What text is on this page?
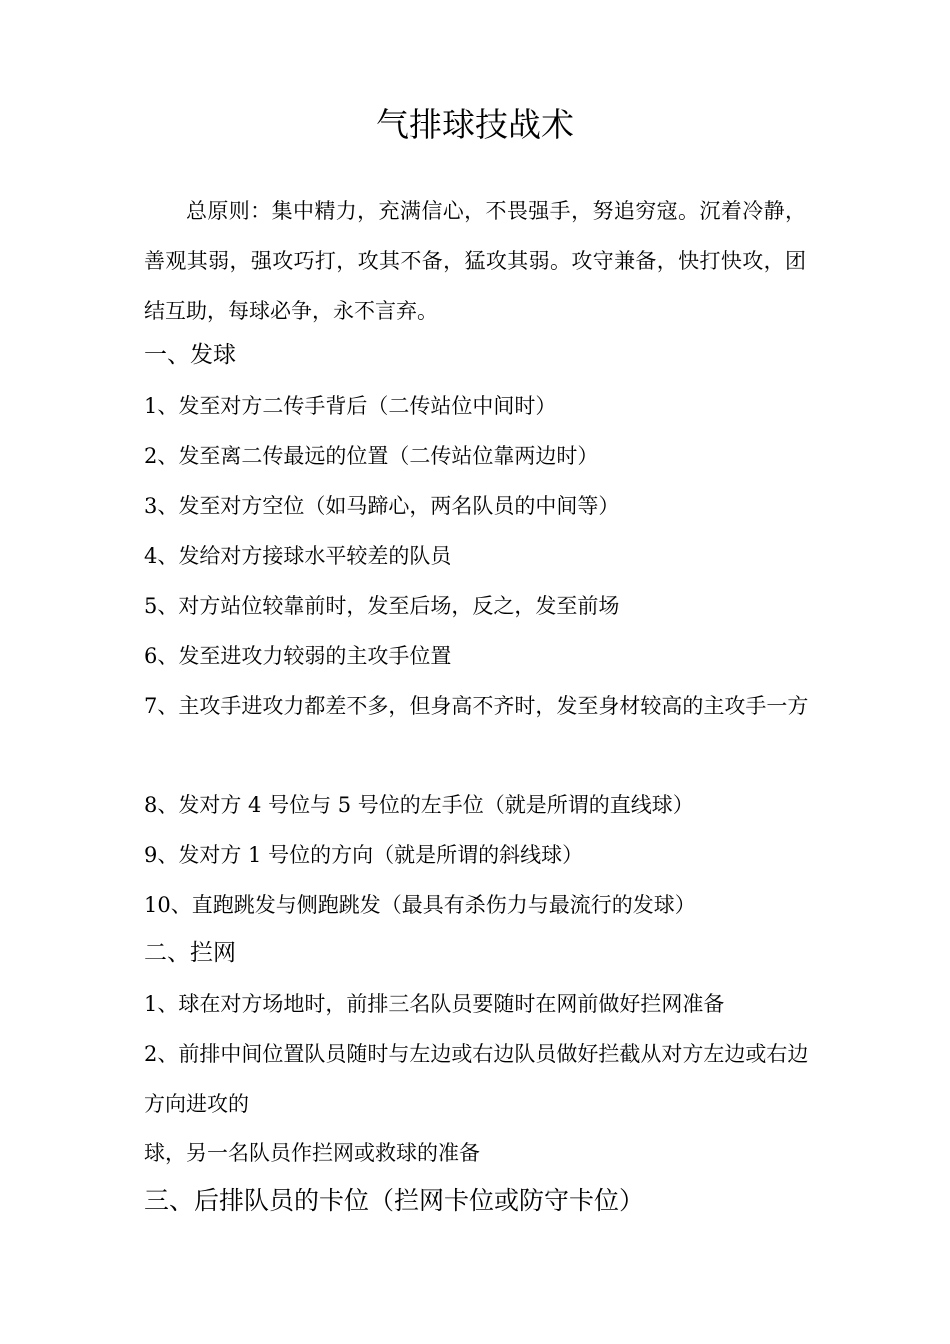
气排球技战术

总原则：集中精力，充满信心，不畏强手，努追穷寇。沉着冷静，善观其弱，强攻巧打，攻其不备，猛攻其弱。攻守兼备，快打快攻，团结互助，每球必争，永不言弃。

一、发球
1、发至对方二传手背后（二传站位中间时）
2、发至离二传最远的位置（二传站位靠两边时）
3、发至对方空位（如马蹄心，两名队员的中间等）
4、发给对方接球水平较差的队员
5、对方站位较靠前时，发至后场，反之，发至前场
6、发至进攻力较弱的主攻手位置
7、主攻手进攻力都差不多，但身高不齐时，发至身材较高的主攻手一方
8、发对方 4 号位与 5 号位的左手位（就是所谓的直线球）
9、发对方 1 号位的方向（就是所谓的斜线球）
10、直跑跳发与侧跑跳发（最具有杀伤力与最流行的发球）
二、拦网
1、球在对方场地时，前排三名队员要随时在网前做好拦网准备
2、前排中间位置队员随时与左边或右边队员做好拦截从对方左边或右边方向进攻的
球，另一名队员作拦网或救球的准备
三、后排队员的卡位（拦网卡位或防守卡位）
